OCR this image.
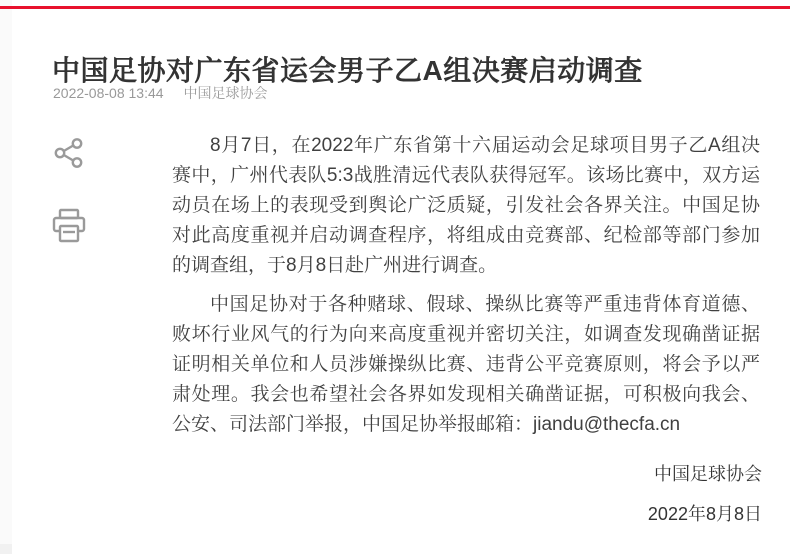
中国足协对广东省运会男子乙A组决赛启动调查
2022-08-08 13:44 中国足球协会

8月7日，在2022年广东省第十六届运动会足球项目男子乙A组决赛中，广州代表队5:3战胜清远代表队获得冠军。该场比赛中，双方运动员在场上的表现受到舆论广泛质疑，引发社会各界关注。中国足协对此高度重视并启动调查程序，将组成由竞赛部、纪检部等部门参加的调查组，于8月8日赴广州进行调查。

中国足协对于各种赌球、假球、操纵比赛等严重违背体育道德、败坏行业风气的行为向来高度重视并密切关注，如调查发现确凿证据证明相关单位和人员涉嫌操纵比赛、违背公平竞赛原则，将会予以严肃处理。我会也希望社会各界如发现相关确凿证据，可积极向我会、公安、司法部门举报，中国足协举报邮箱：jiandu@thecfa.cn

中国足球协会
2022年8月8日
